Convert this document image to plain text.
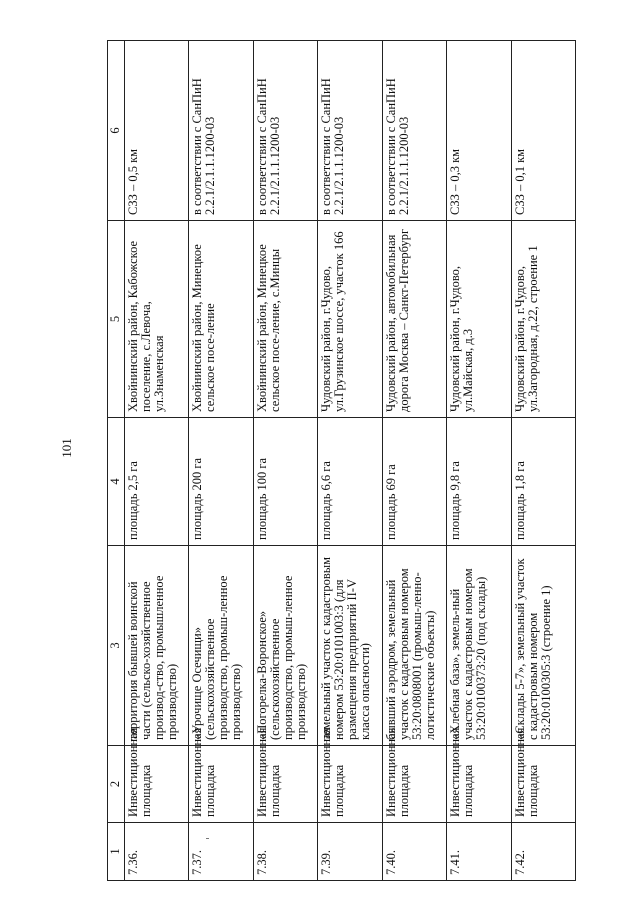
101
1	2	3	4	5	6
7.36.	Инвестиционная площадка	территория бывшей воинской части (сельско-хозяйственное производ-ство, промышленное производство)	площадь 2,5 га	Хвойнинский район, Кабожское поселение, с.Левоча, ул.Знаменская	СЗЗ – 0,5 км
7.37.	Инвестиционная площадка	«Урочище Осечищи» (сельскохозяйственное производство, промыш-ленное производство)	площадь 200 га	Хвойнинский район, Минецкое сельское посе-ление	в соответствии с СанПиН 2.2.1/2.1.1.1200-03
7.38.	Инвестиционная площадка	«Погорелка-Воронское» (сельскохозяйственное производство, промыш-ленное производство)	площадь 100 га	Хвойнинский район, Минецкое сельское посе-ление, с.Минцы	в соответствии с СанПиН 2.2.1/2.1.1.1200-03
7.39.	Инвестиционная площадка	земельный участок с кадастровым номером 53:20:0101003:3 (для размещения предприятий II-V класса опасности)	площадь 6,6 га	Чудовский район, г.Чудово, ул.Грузинское шоссе, участок 166	в соответствии с СанПиН 2.2.1/2.1.1.1200-03
7.40.	Инвестиционная площадка	бывший аэродром, земельный участок с кадастровым номером 53:20:0808001 (промыш-ленно-логистические объекты)	площадь 69 га	Чудовский район, автомобильная дорога Москва – Санкт-Петербург	в соответствии с СанПиН 2.2.1/2.1.1.1200-03
7.41.	Инвестиционная площадка	«Хлебная база», земель-ный участок с кадастровым номером 53:20:0100373:20 (под склады)	площадь 9,8 га	Чудовский район, г.Чудово, ул.Майская, д.3	СЗЗ – 0,3 км
7.42.	Инвестиционная площадка	«Склады 5-7», земельный участок с кадастровым номером 53:20:0100305:3 (строение 1)	площадь 1,8 га	Чудовский район, г.Чудово, ул.Загородная, д.22, строение 1	СЗЗ – 0,1 км
